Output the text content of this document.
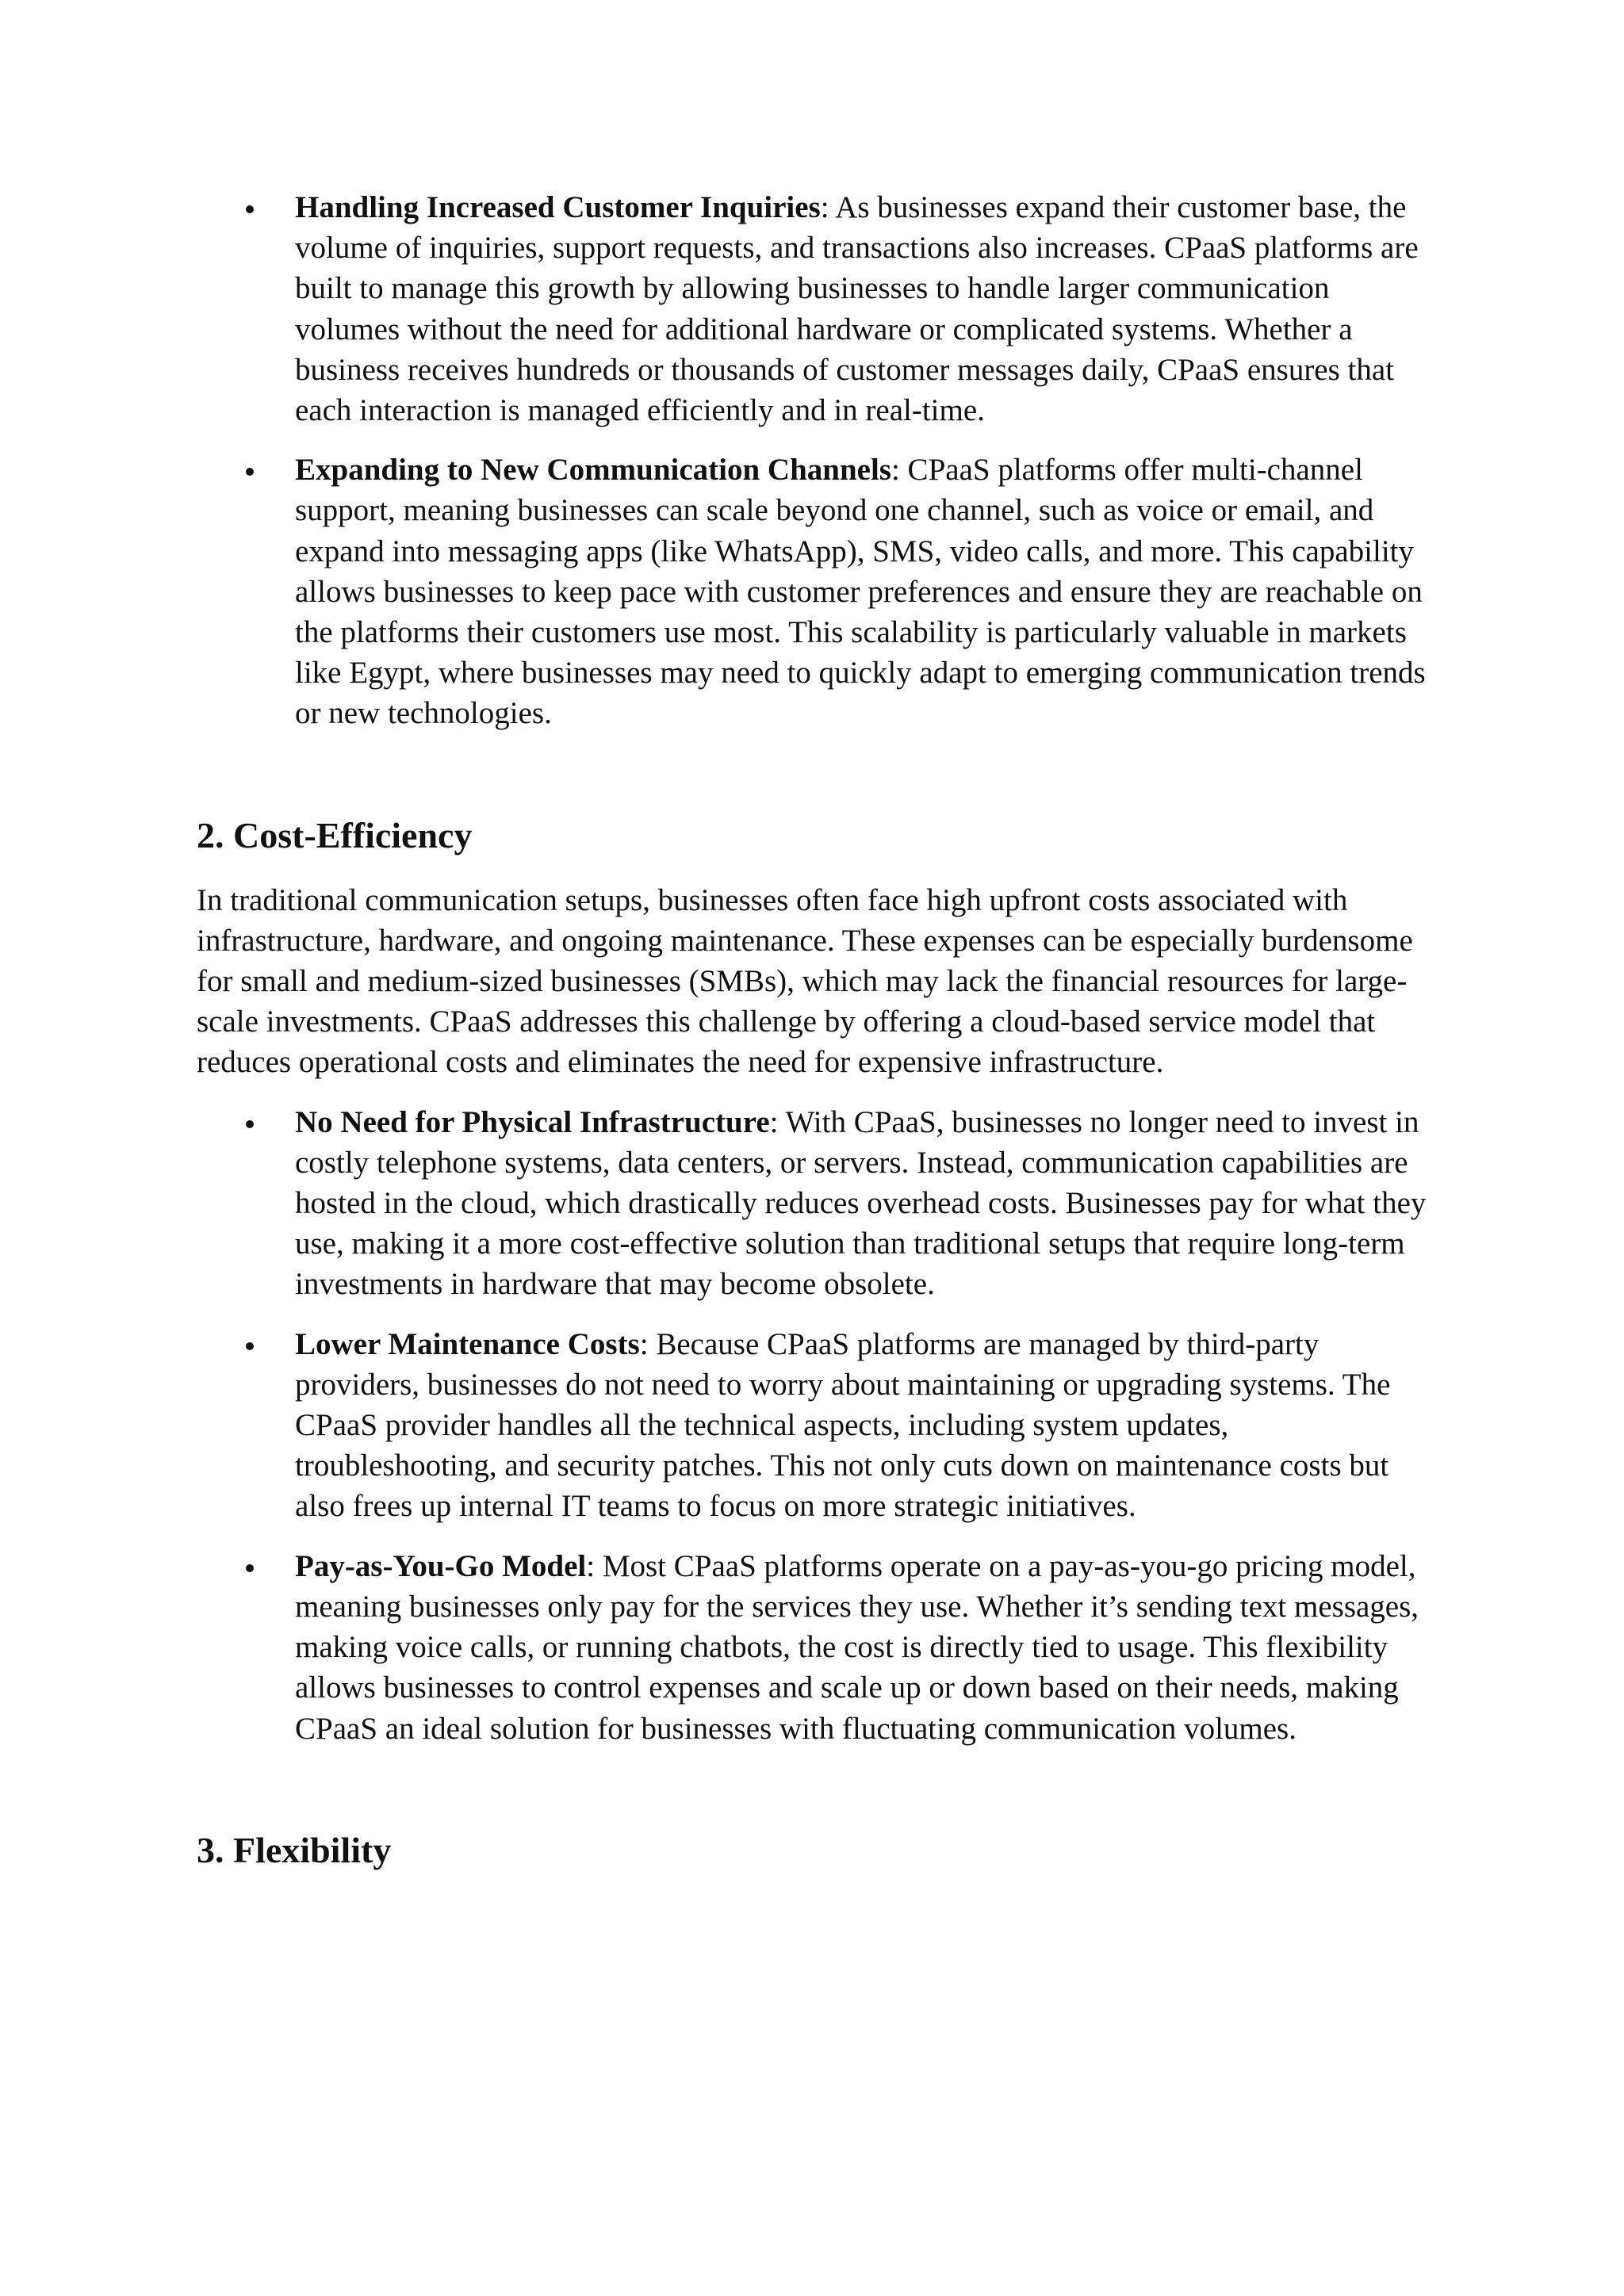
Handling Increased Customer Inquiries: As businesses expand their customer base, the volume of inquiries, support requests, and transactions also increases. CPaaS platforms are built to manage this growth by allowing businesses to handle larger communication volumes without the need for additional hardware or complicated systems. Whether a business receives hundreds or thousands of customer messages daily, CPaaS ensures that each interaction is managed efficiently and in real-time.
Expanding to New Communication Channels: CPaaS platforms offer multi-channel support, meaning businesses can scale beyond one channel, such as voice or email, and expand into messaging apps (like WhatsApp), SMS, video calls, and more. This capability allows businesses to keep pace with customer preferences and ensure they are reachable on the platforms their customers use most. This scalability is particularly valuable in markets like Egypt, where businesses may need to quickly adapt to emerging communication trends or new technologies.
2. Cost-Efficiency

In traditional communication setups, businesses often face high upfront costs associated with infrastructure, hardware, and ongoing maintenance. These expenses can be especially burdensome for small and medium-sized businesses (SMBs), which may lack the financial resources for large-scale investments. CPaaS addresses this challenge by offering a cloud-based service model that reduces operational costs and eliminates the need for expensive infrastructure.

No Need for Physical Infrastructure: With CPaaS, businesses no longer need to invest in costly telephone systems, data centers, or servers. Instead, communication capabilities are hosted in the cloud, which drastically reduces overhead costs. Businesses pay for what they use, making it a more cost-effective solution than traditional setups that require long-term investments in hardware that may become obsolete.
Lower Maintenance Costs: Because CPaaS platforms are managed by third-party providers, businesses do not need to worry about maintaining or upgrading systems. The CPaaS provider handles all the technical aspects, including system updates, troubleshooting, and security patches. This not only cuts down on maintenance costs but also frees up internal IT teams to focus on more strategic initiatives.
Pay-as-You-Go Model: Most CPaaS platforms operate on a pay-as-you-go pricing model, meaning businesses only pay for the services they use. Whether it’s sending text messages, making voice calls, or running chatbots, the cost is directly tied to usage. This flexibility allows businesses to control expenses and scale up or down based on their needs, making CPaaS an ideal solution for businesses with fluctuating communication volumes.
3. Flexibility
